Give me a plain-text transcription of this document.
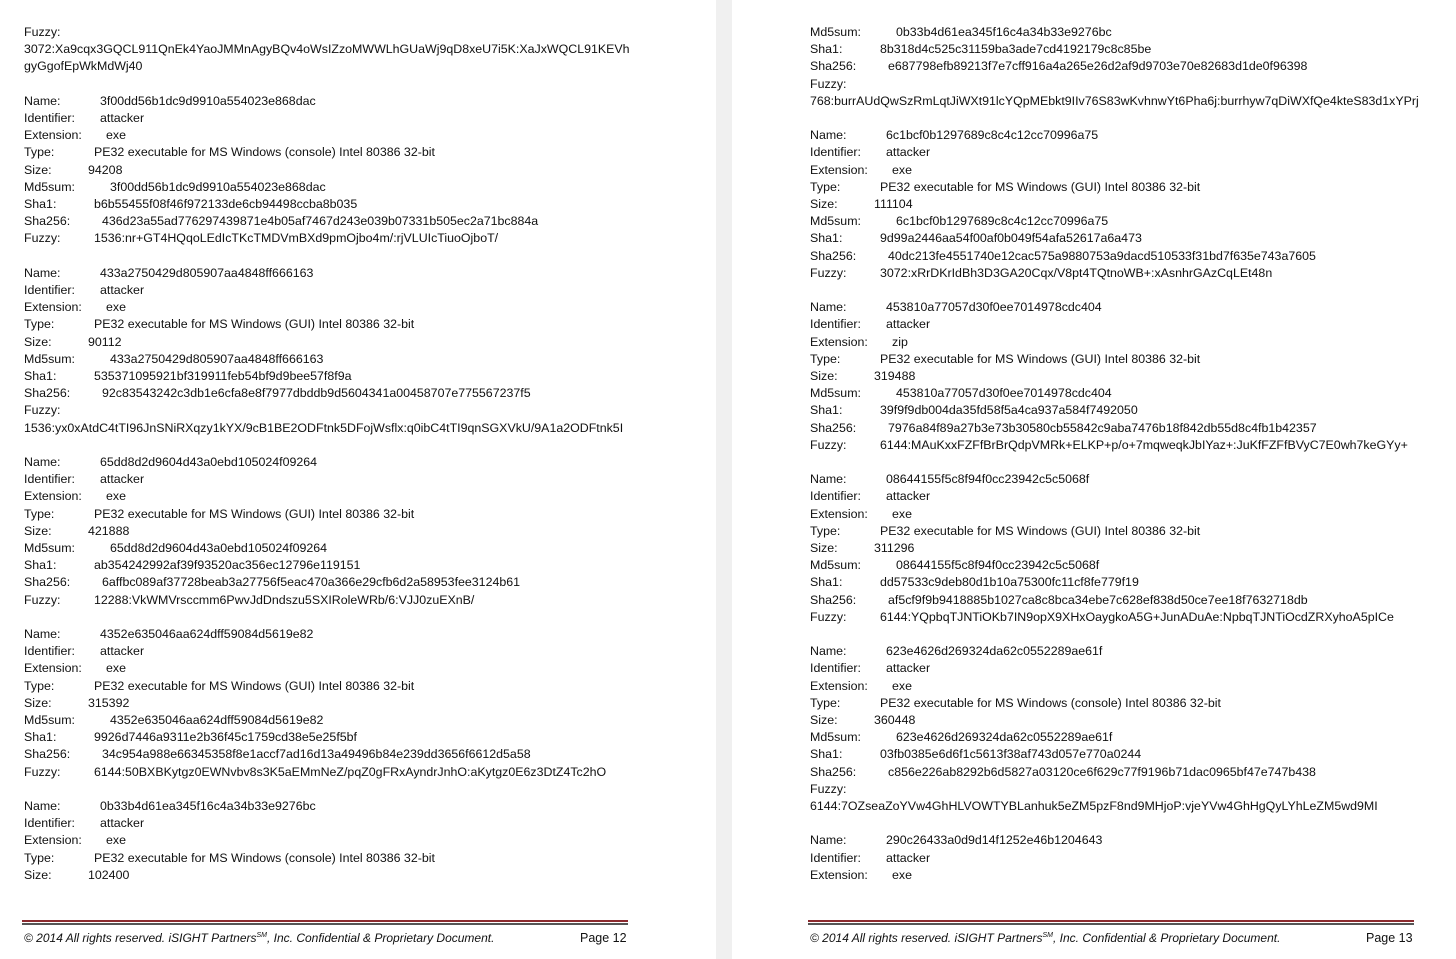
Fuzzy:
3072:Xa9cqx3GQCL911QnEk4YaoJMMnAgyBQv4oWsIZzoMWWLhGUaWj9qD8xeU7i5K:XaJxWQCL91KEVhgyGgofEpWkMdWj40
Name:	3f00dd56b1dc9d9910a554023e868dac
Identifier: attacker
Extension: exe
Type:	PE32 executable for MS Windows (console) Intel 80386 32-bit
Size:	94208
Md5sum:	3f00dd56b1dc9d9910a554023e868dac
Sha1:	b6b55455f08f46f972133de6cb94498ccba8b035
Sha256:	436d23a55ad776297439871e4b05af7467d243e039b07331b505ec2a71bc884a
Fuzzy:	1536:nr+GT4HQqoLEdIcTKcTMDVmBXd9pmOjbo4m/:rjVLUIcTiuoOjboT/
Name:	433a2750429d805907aa4848ff666163
Identifier: attacker
Extension: exe
Type:	PE32 executable for MS Windows (GUI) Intel 80386 32-bit
Size:	90112
Md5sum:	433a2750429d805907aa4848ff666163
Sha1:	535371095921bf319911feb54bf9d9bee57f8f9a
Sha256:	92c83543242c3db1e6cfa8e8f7977dbddb9d5604341a00458707e775567237f5
Fuzzy:
1536:yx0xAtdC4tTI96JnSNiRXqzy1kYX/9cB1BE2ODFtnk5DFojWsflx:q0ibC4tTI9qnSGXVkU/9A1a2ODFtnk5I
Name:	65dd8d2d9604d43a0ebd105024f09264
Identifier: attacker
Extension: exe
Type:	PE32 executable for MS Windows (GUI) Intel 80386 32-bit
Size:	421888
Md5sum:	65dd8d2d9604d43a0ebd105024f09264
Sha1:	ab354242992af39f93520ac356ec12796e119151
Sha256:	6affbc089af37728beab3a27756f5eac470a366e29cfb6d2a58953fee3124b61
Fuzzy:	12288:VkWMVrsccmm6PwvJdDndszu5SXIRoleWRb/6:VJJ0zuEXnB/
Name:	4352e635046aa624dff59084d5619e82
Identifier: attacker
Extension: exe
Type:	PE32 executable for MS Windows (GUI) Intel 80386 32-bit
Size:	315392
Md5sum:	4352e635046aa624dff59084d5619e82
Sha1:	9926d7446a9311e2b36f45c1759cd38e5e25f5bf
Sha256:	34c954a988e66345358f8e1accf7ad16d13a49496b84e239dd3656f6612d5a58
Fuzzy:	6144:50BXBKytgz0EWNvbv8s3K5aEMmNeZ/pqZ0gFRxAyndrJnhO:aKytgz0E6z3DtZ4Tc2hO
Name:	0b33b4d61ea345f16c4a34b33e9276bc
Identifier: attacker
Extension: exe
Type:	PE32 executable for MS Windows (console) Intel 80386 32-bit
Size:	102400
© 2014 All rights reserved. iSIGHT Partners℠, Inc. Confidential & Proprietary Document.	Page 12
Md5sum:	0b33b4d61ea345f16c4a34b33e9276bc
Sha1:	8b318d4c525c31159ba3ade7cd4192179c8c85be
Sha256:	e687798efb89213f7e7cff916a4a265e26d2af9d9703e70e82683d1de0f96398
Fuzzy:
768:burrAUdQwSzRmLqtJiWXt91lcYQpMEbkt9IIv76S83wKvhnwYt6Pha6j:burrhyw7qDiWXfQe4kteS83d1xYPrj
Name:	6c1bcf0b1297689c8c4c12cc70996a75
Identifier: attacker
Extension: exe
Type:	PE32 executable for MS Windows (GUI) Intel 80386 32-bit
Size:	111104
Md5sum:	6c1bcf0b1297689c8c4c12cc70996a75
Sha1:	9d99a2446aa54f00af0b049f54afa52617a6a473
Sha256:	40dc213fe4551740e12cac575a9880753a9dacd510533f31bd7f635e743a7605
Fuzzy:	3072:xRrDKrIdBh3D3GA20Cqx/V8pt4TQtnoWB+:xAsnhrGAzCqLEt48n
Name:	453810a77057d30f0ee7014978cdc404
Identifier: attacker
Extension: zip
Type:	PE32 executable for MS Windows (GUI) Intel 80386 32-bit
Size:	319488
Md5sum:	453810a77057d30f0ee7014978cdc404
Sha1:	39f9f9db004da35fd58f5a4ca937a584f7492050
Sha256:	7976a84f89a27b3e73b30580cb55842c9aba7476b18f842db55d8c4fb1b42357
Fuzzy:	6144:MAuKxxFZFfBrBrQdpVMRk+ELKP+p/o+7mqweqkJbIYaz+:JuKfFZFfBVyC7E0wh7keGYy+
Name:	08644155f5c8f94f0cc23942c5c5068f
Identifier: attacker
Extension: exe
Type:	PE32 executable for MS Windows (GUI) Intel 80386 32-bit
Size:	311296
Md5sum:	08644155f5c8f94f0cc23942c5c5068f
Sha1:	dd57533c9deb80d1b10a75300fc11cf8fe779f19
Sha256:	af5cf9f9b9418885b1027ca8c8bca34ebe7c628ef838d50ce7ee18f7632718db
Fuzzy:	6144:YQpbqTJNTiOKb7IN9opX9XHxOaygkoA5G+JunADuAe:NpbqTJNTiOcdZRXyhoA5pICe
Name:	623e4626d269324da62c0552289ae61f
Identifier: attacker
Extension: exe
Type:	PE32 executable for MS Windows (console) Intel 80386 32-bit
Size:	360448
Md5sum:	623e4626d269324da62c0552289ae61f
Sha1:	03fb0385e6d6f1c5613f38af743d057e770a0244
Sha256:	c856e226ab8292b6d5827a03120ce6f629c77f9196b71dac0965bf47e747b438
Fuzzy:
6144:7OZseaZoYVw4GhHLVOWTYBLanhuk5eZM5pzF8nd9MHjoP:vjeYVw4GhHgQyLYhLeZM5wd9MI
Name:	290c26433a0d9d14f1252e46b1204643
Identifier: attacker
Extension: exe
© 2014 All rights reserved. iSIGHT Partners℠, Inc. Confidential & Proprietary Document.	Page 13
